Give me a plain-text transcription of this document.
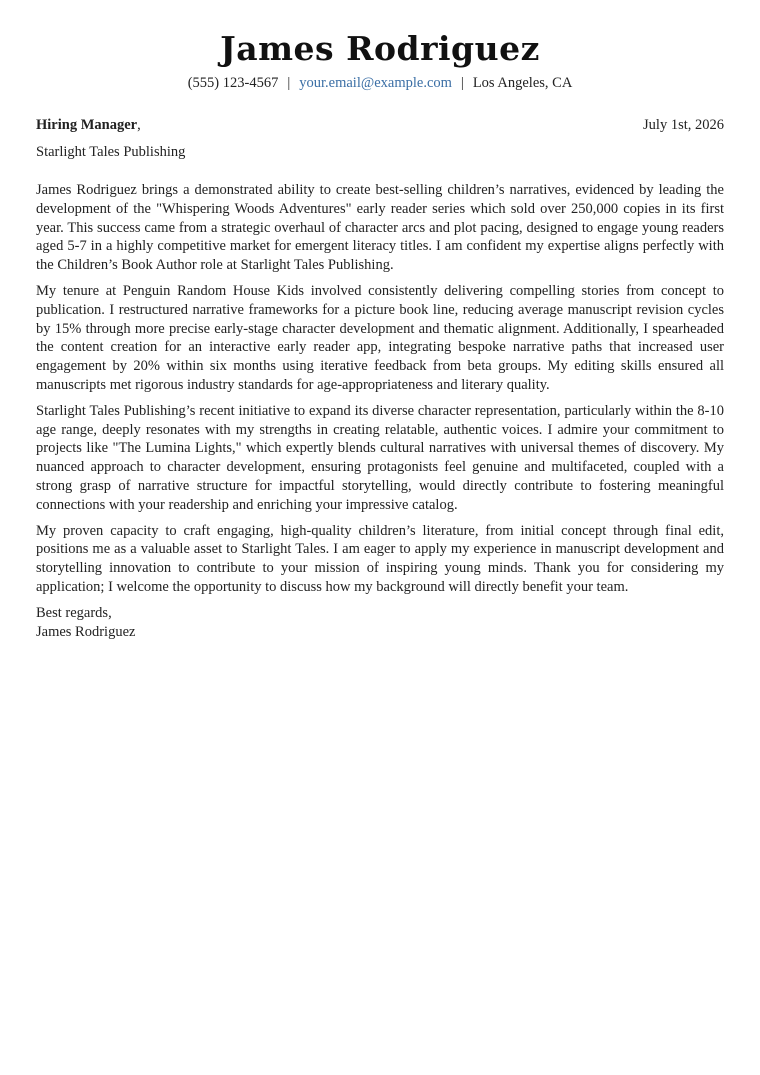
James Rodriguez
(555) 123-4567 | your.email@example.com | Los Angeles, CA
Hiring Manager,	July 1st, 2026
Starlight Tales Publishing

James Rodriguez brings a demonstrated ability to create best-selling children’s narratives, evidenced by leading the development of the "Whispering Woods Adventures" early reader series which sold over 250,000 copies in its first year. This success came from a strategic overhaul of character arcs and plot pacing, designed to engage young readers aged 5-7 in a highly competitive market for emergent literacy titles. I am confident my expertise aligns perfectly with the Children’s Book Author role at Starlight Tales Publishing.

My tenure at Penguin Random House Kids involved consistently delivering compelling stories from concept to publication. I restructured narrative frameworks for a picture book line, reducing average manuscript revision cycles by 15% through more precise early-stage character development and thematic alignment. Additionally, I spearheaded the content creation for an interactive early reader app, integrating bespoke narrative paths that increased user engagement by 20% within six months using iterative feedback from beta groups. My editing skills ensured all manuscripts met rigorous industry standards for age-appropriateness and literary quality.

Starlight Tales Publishing’s recent initiative to expand its diverse character representation, particularly within the 8-10 age range, deeply resonates with my strengths in creating relatable, authentic voices. I admire your commitment to projects like "The Lumina Lights," which expertly blends cultural narratives with universal themes of discovery. My nuanced approach to character development, ensuring protagonists feel genuine and multifaceted, coupled with a strong grasp of narrative structure for impactful storytelling, would directly contribute to fostering meaningful connections with your readership and enriching your impressive catalog.

My proven capacity to craft engaging, high-quality children’s literature, from initial concept through final edit, positions me as a valuable asset to Starlight Tales. I am eager to apply my experience in manuscript development and storytelling innovation to contribute to your mission of inspiring young minds. Thank you for considering my application; I welcome the opportunity to discuss how my background will directly benefit your team.

Best regards,
James Rodriguez
